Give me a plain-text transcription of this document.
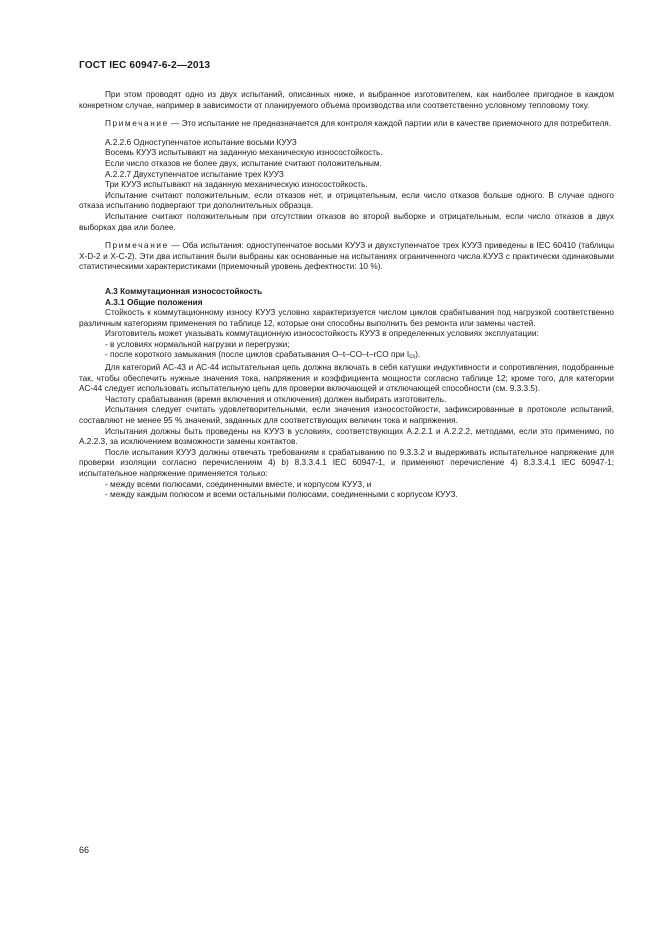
ГОСТ IEC 60947-6-2—2013

При этом проводят одно из двух испытаний, описанных ниже, и выбранное изготовителем, как наиболее пригодное в каждом конкретном случае, например в зависимости от планируемого объема производства или соответственно условному тепловому току.

Примечание — Это испытание не предназначается для контроля каждой партии или в качестве приемочного для потребителя.

А.2.2.6 Одноступенчатое испытание восьми КУУЗ

Восемь КУУЗ испытывают на заданную механическую износостойкость.

Если число отказов не более двух, испытание считают положительным.

А.2.2.7 Двухступенчатое испытание трех КУУЗ

Три КУУЗ испытывают на заданную механическую износостойкость.

Испытание считают положительным, если отказов нет, и отрицательным, если число отказов больше одного. В случае одного отказа испытанию подвергают три дополнительных образца.

Испытание считают положительным при отсутствии отказов во второй выборке и отрицательным, если число отказов в двух выборках два или более.

Примечание — Оба испытания: одноступенчатое восьми КУУЗ и двухступенчатое трех КУУЗ приведены в IEC 60410 (таблицы X-D-2 и X-C-2). Эти два испытания были выбраны как основанные на испытаниях ограниченного числа КУУЗ с практически одинаковыми статистическими характеристиками (приемочный уровень дефектности: 10 %).

А.3 Коммутационная износостойкость

А.3.1 Общие положения

Стойкость к коммутационному износу КУУЗ условно характеризуется числом циклов срабатывания под нагрузкой соответственно различным категориям применения по таблице 12, которые они способны выполнить без ремонта или замены частей.

Изготовитель может указывать коммутационную износостойкость КУУЗ в определенных условиях эксплуатации:

- в условиях нормальной нагрузки и перегрузки;

- после короткого замыкания (после циклов срабатывания O–t–CO–t–rCO при $I_{cs}$).

Для категорий АС-43 и АС-44 испытательная цепь должна включать в себя катушки индуктивности и сопротивления, подобранные так, чтобы обеспечить нужные значения тока, напряжения и коэффициента мощности согласно таблице 12; кроме того, для категории АС-44 следует использовать испытательную цепь для проверки включающей и отключающей способности (см. 9.3.3.5).

Частоту срабатывания (время включения и отключения) должен выбирать изготовитель.

Испытания следует считать удовлетворительными, если значения износостойкости, зафиксированные в протоколе испытаний, составляют не менее 95 % значений, заданных для соответствующих величин тока и напряжения.

Испытания должны быть проведены на КУУЗ в условиях, соответствующих А.2.2.1 и А.2.2.2, методами, если это применимо, по А.2.2.3, за исключением возможности замены контактов.

После испытания КУУЗ должны отвечать требованиям к срабатыванию по 9.3.3.2 и выдерживать испытательное напряжение для проверки изоляции согласно перечислениям 4) b) 8.3.3.4.1 IEC 60947-1, и применяют перечисление 4) 8.3.3.4.1 IEC 60947-1; испытательное напряжение применяется только:

- между всеми полюсами, соединенными вместе, и корпусом КУУЗ, и

- между каждым полюсом и всеми остальными полюсами, соединенными с корпусом КУУЗ.

66
